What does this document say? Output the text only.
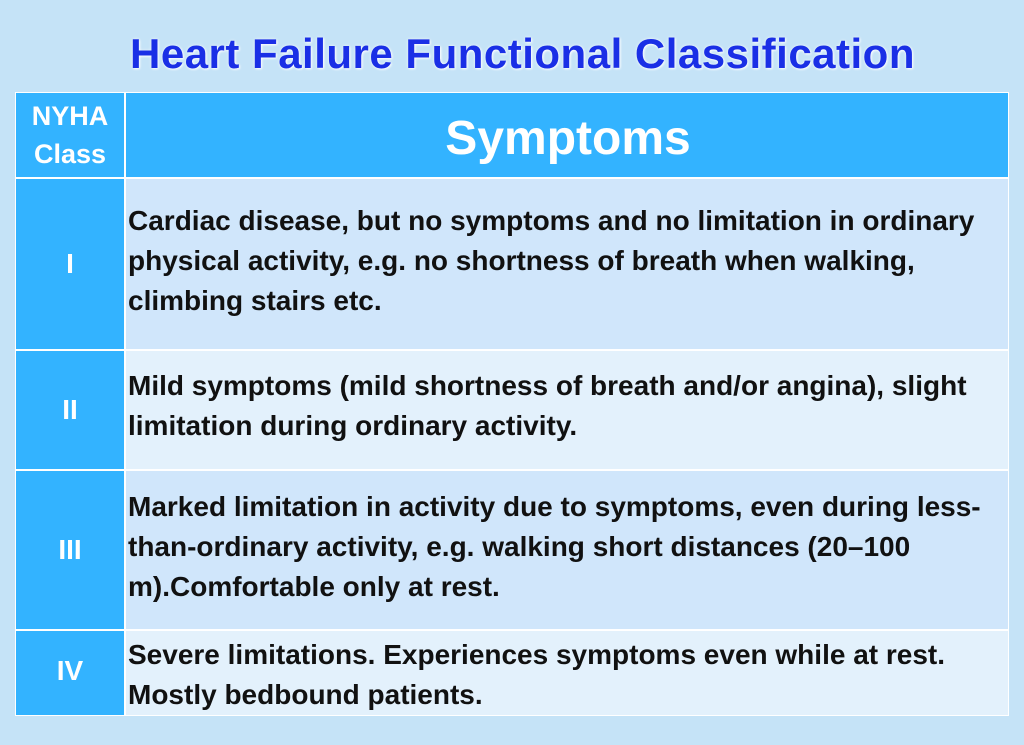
Heart Failure Functional Classification
NYHA
Class	Symptoms
I
Cardiac disease, but no symptoms and no limitation in ordinary physical activity, e.g. no shortness of breath when walking, climbing stairs etc.
II
Mild symptoms (mild shortness of breath and/or angina), slight limitation during ordinary activity.
III
Marked limitation in activity due to symptoms, even during less-than-ordinary activity, e.g. walking short distances (20–100 m).Comfortable only at rest.
IV
Severe limitations. Experiences symptoms even while at rest. Mostly bedbound patients.
